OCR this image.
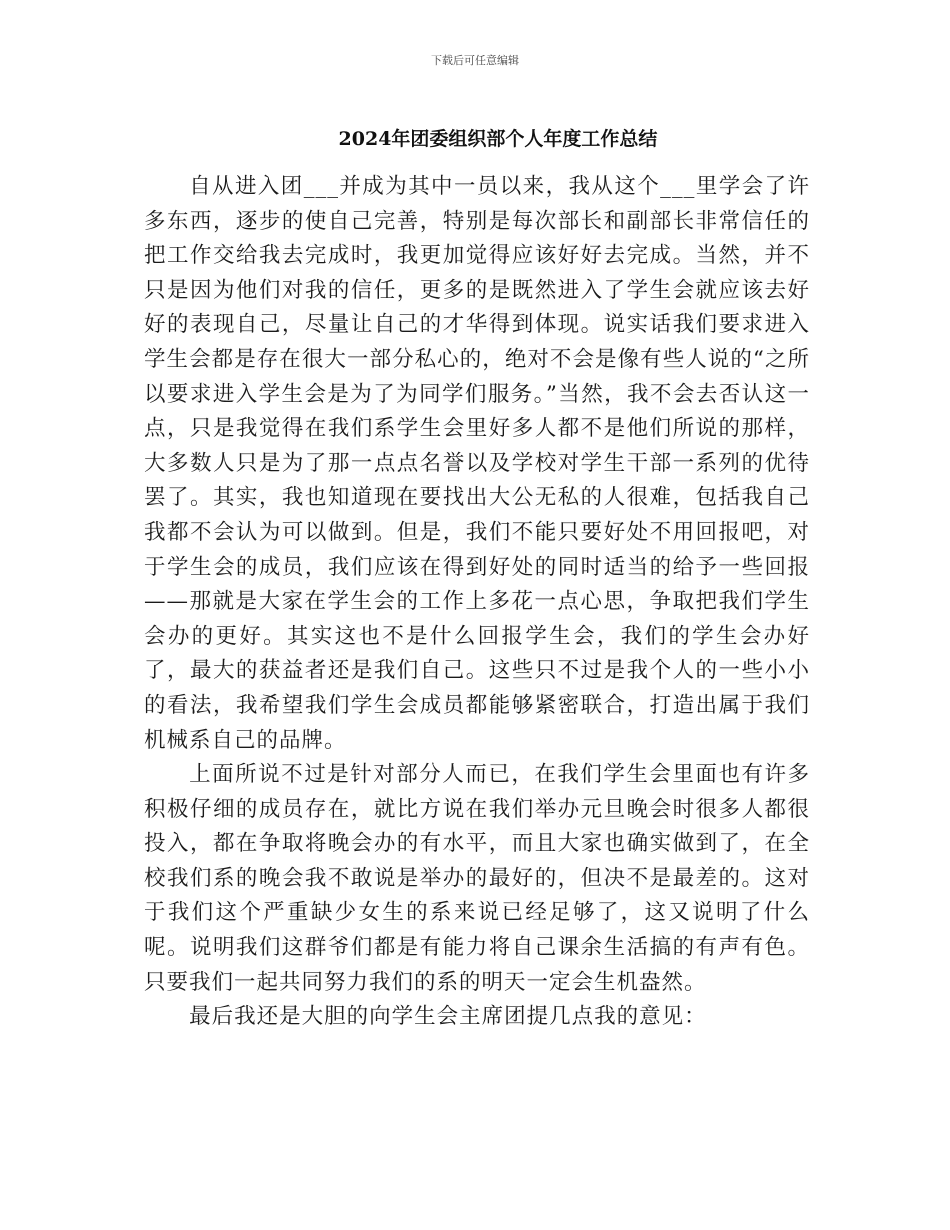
下载后可任意编辑
2024年团委组织部个人年度工作总结

自从进入团___并成为其中一员以来，我从这个___里学会了许多东西，逐步的使自己完善，特别是每次部长和副部长非常信任的把工作交给我去完成时，我更加觉得应该好好去完成。当然，并不只是因为他们对我的信任，更多的是既然进入了学生会就应该去好好的表现自己，尽量让自己的才华得到体现。说实话我们要求进入学生会都是存在很大一部分私心的，绝对不会是像有些人说的“之所以要求进入学生会是为了为同学们服务。”当然，我不会去否认这一点，只是我觉得在我们系学生会里好多人都不是他们所说的那样，大多数人只是为了那一点点名誉以及学校对学生干部一系列的优待罢了。其实，我也知道现在要找出大公无私的人很难，包括我自己我都不会认为可以做到。但是，我们不能只要好处不用回报吧，对于学生会的成员，我们应该在得到好处的同时适当的给予一些回报——那就是大家在学生会的工作上多花一点心思，争取把我们学生会办的更好。其实这也不是什么回报学生会，我们的学生会办好了，最大的获益者还是我们自己。这些只不过是我个人的一些小小的看法，我希望我们学生会成员都能够紧密联合，打造出属于我们机械系自己的品牌。

上面所说不过是针对部分人而已，在我们学生会里面也有许多积极仔细的成员存在，就比方说在我们举办元旦晚会时很多人都很投入，都在争取将晚会办的有水平，而且大家也确实做到了，在全校我们系的晚会我不敢说是举办的最好的，但决不是最差的。这对于我们这个严重缺少女生的系来说已经足够了，这又说明了什么呢。说明我们这群爷们都是有能力将自己课余生活搞的有声有色。只要我们一起共同努力我们的系的明天一定会生机盎然。

最后我还是大胆的向学生会主席团提几点我的意见：
